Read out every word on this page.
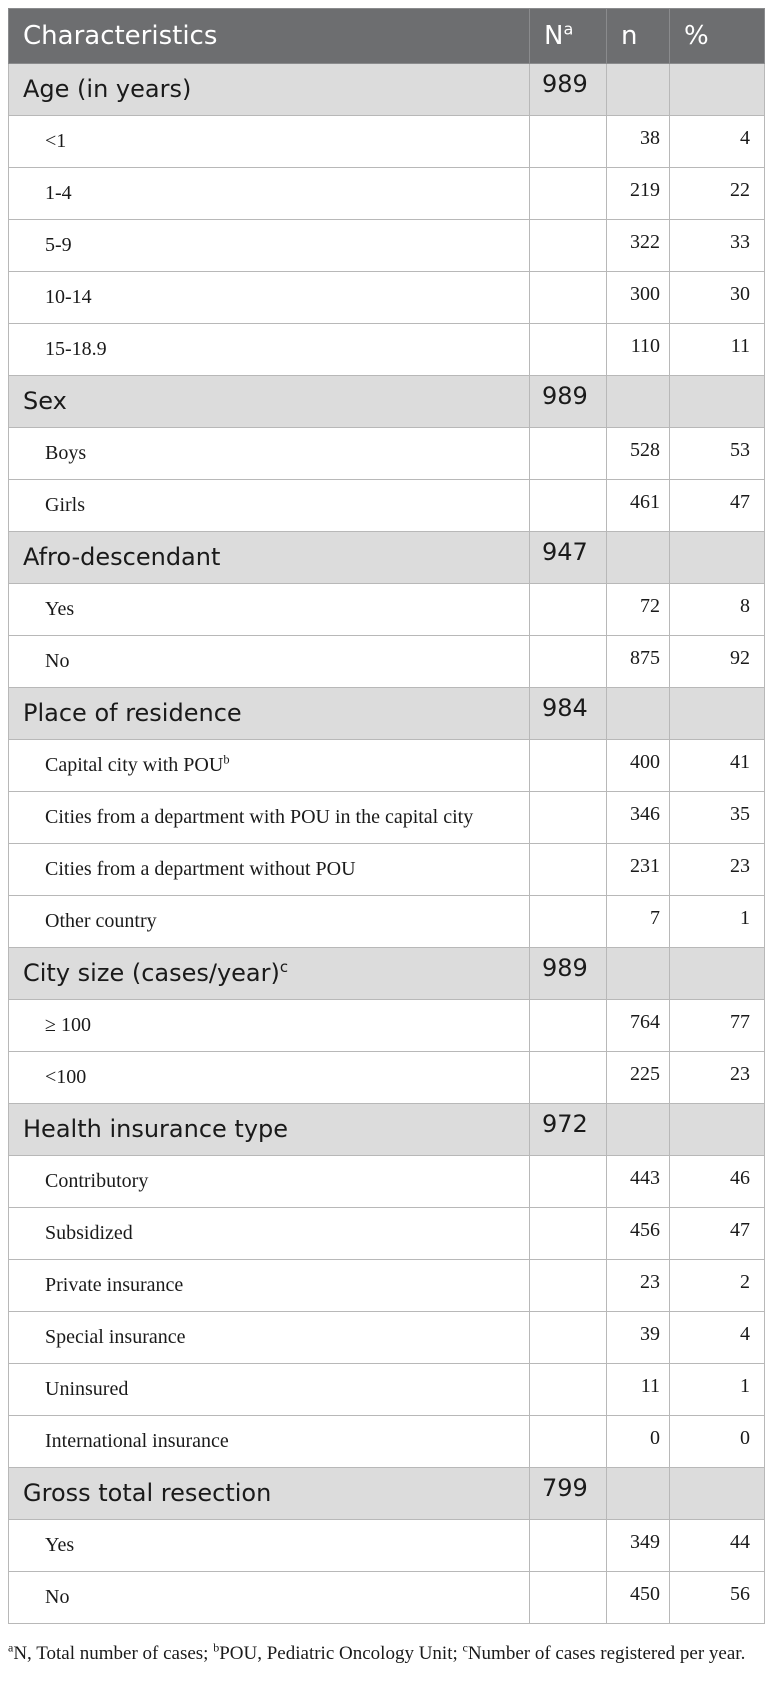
Characteristics	$N^a$	n	%
Age (in years)	989		
<1		38	4
1-4		219	22
5-9		322	33
10-14		300	30
15-18.9		110	11
Sex	989		
Boys		528	53
Girls		461	47
Afro-descendant	947		
Yes		72	8
No		875	92
Place of residence	984		
Capital city with POU$^b$		400	41
Cities from a department with POU in the capital city		346	35
Cities from a department without POU		231	23
Other country		7	1
City size (cases/year)$^c$	989		
≥ 100		764	77
<100		225	23
Health insurance type	972		
Contributory		443	46
Subsidized		456	47
Private insurance		23	2
Special insurance		39	4
Uninsured		11	1
International insurance		0	0
Gross total resection	799		
Yes		349	44
No		450	56
$^a$N, Total number of cases; $^b$POU, Pediatric Oncology Unit; $^c$Number of cases registered per year.
